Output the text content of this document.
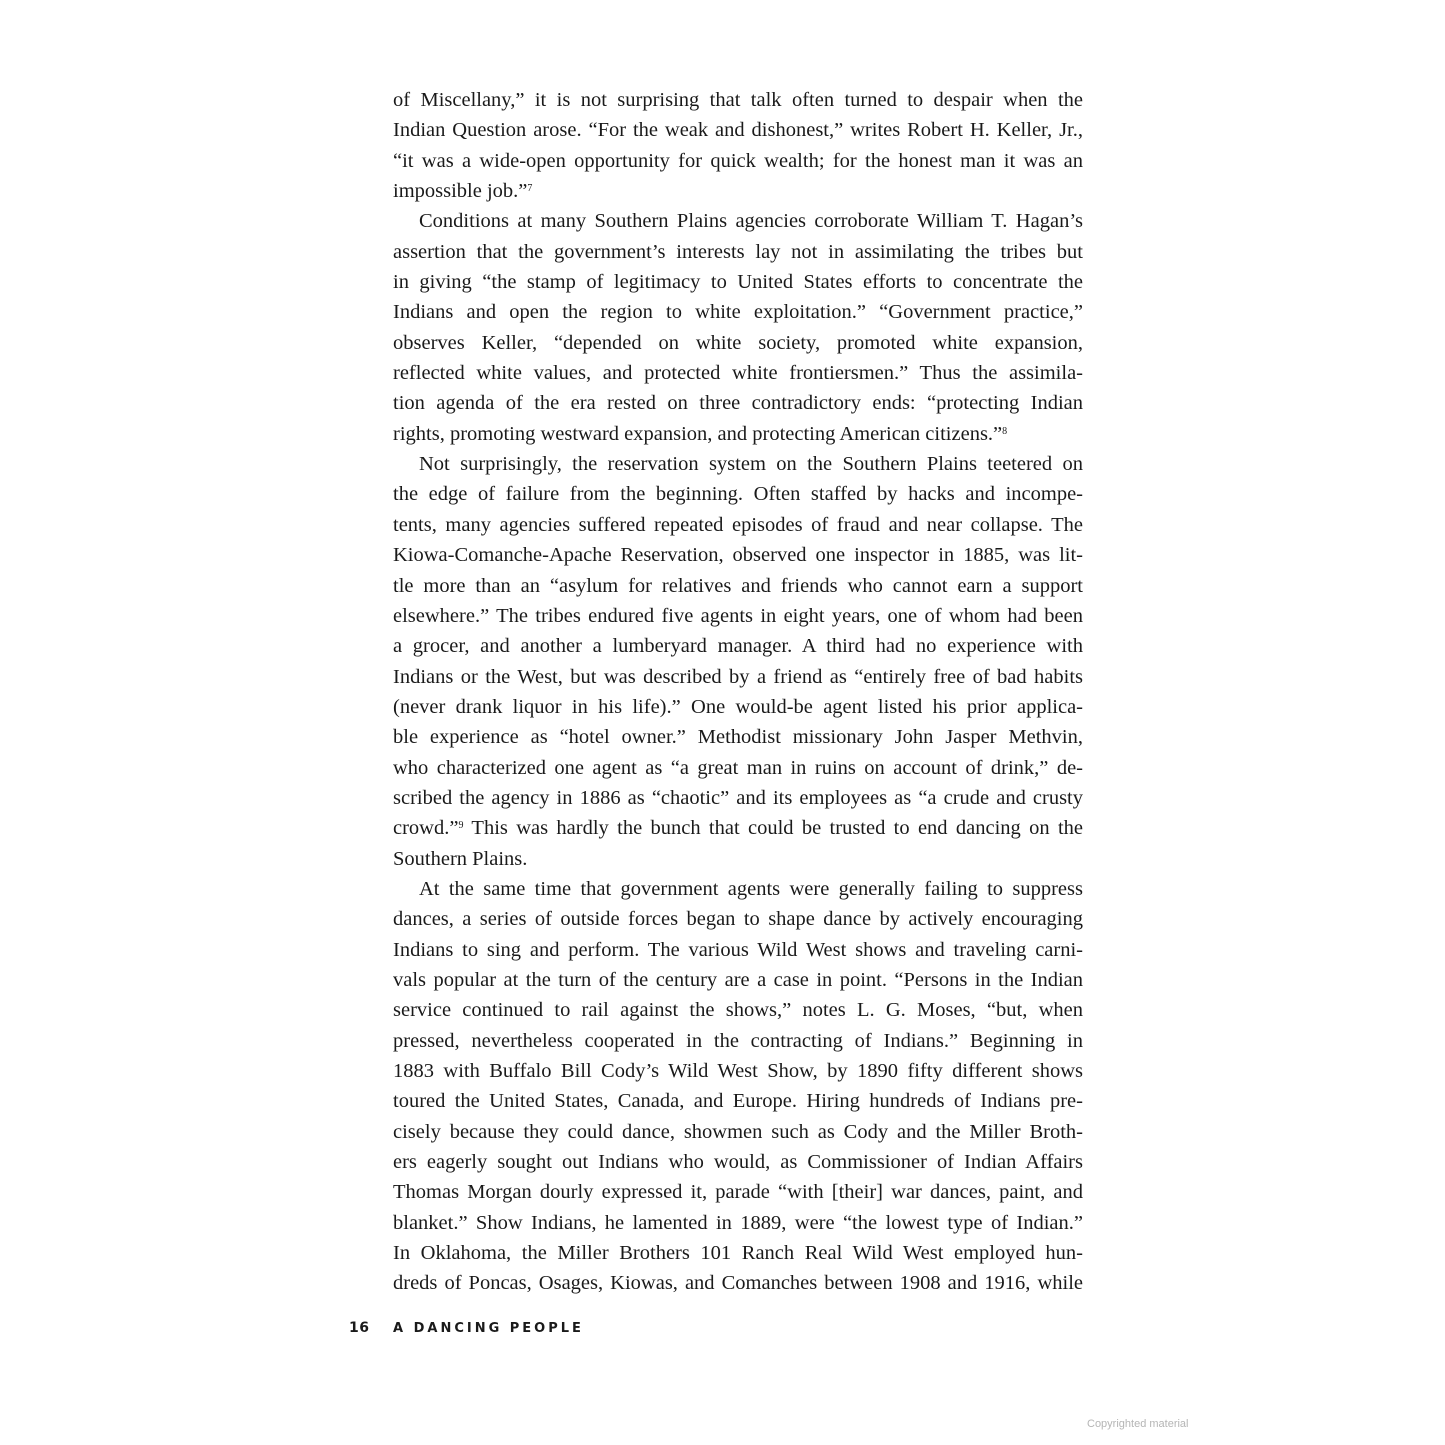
of Miscellany,” it is not surprising that talk often turned to despair when the
Indian Question arose. “For the weak and dishonest,” writes Robert H. Keller, Jr.,
“it was a wide-open opportunity for quick wealth; for the honest man it was an
impossible job.”$^7$
Conditions at many Southern Plains agencies corroborate William T. Hagan’s
assertion that the government’s interests lay not in assimilating the tribes but
in giving “the stamp of legitimacy to United States efforts to concentrate the
Indians and open the region to white exploitation.” “Government practice,”
observes Keller, “depended on white society, promoted white expansion,
reflected white values, and protected white frontiersmen.” Thus the assimila-
tion agenda of the era rested on three contradictory ends: “protecting Indian
rights, promoting westward expansion, and protecting American citizens.”$^8$
Not surprisingly, the reservation system on the Southern Plains teetered on
the edge of failure from the beginning. Often staffed by hacks and incompe-
tents, many agencies suffered repeated episodes of fraud and near collapse. The
Kiowa-Comanche-Apache Reservation, observed one inspector in 1885, was lit-
tle more than an “asylum for relatives and friends who cannot earn a support
elsewhere.” The tribes endured five agents in eight years, one of whom had been
a grocer, and another a lumberyard manager. A third had no experience with
Indians or the West, but was described by a friend as “entirely free of bad habits
(never drank liquor in his life).” One would-be agent listed his prior applica-
ble experience as “hotel owner.” Methodist missionary John Jasper Methvin,
who characterized one agent as “a great man in ruins on account of drink,” de-
scribed the agency in 1886 as “chaotic” and its employees as “a crude and crusty
crowd.”$^9$ This was hardly the bunch that could be trusted to end dancing on the
Southern Plains.
At the same time that government agents were generally failing to suppress
dances, a series of outside forces began to shape dance by actively encouraging
Indians to sing and perform. The various Wild West shows and traveling carni-
vals popular at the turn of the century are a case in point. “Persons in the Indian
service continued to rail against the shows,” notes L. G. Moses, “but, when
pressed, nevertheless cooperated in the contracting of Indians.” Beginning in
1883 with Buffalo Bill Cody’s Wild West Show, by 1890 fifty different shows
toured the United States, Canada, and Europe. Hiring hundreds of Indians pre-
cisely because they could dance, showmen such as Cody and the Miller Broth-
ers eagerly sought out Indians who would, as Commissioner of Indian Affairs
Thomas Morgan dourly expressed it, parade “with [their] war dances, paint, and
blanket.” Show Indians, he lamented in 1889, were “the lowest type of Indian.”
In Oklahoma, the Miller Brothers 101 Ranch Real Wild West employed hun-
dreds of Poncas, Osages, Kiowas, and Comanches between 1908 and 1916, while
16 A DANCING PEOPLE
Copyrighted material
